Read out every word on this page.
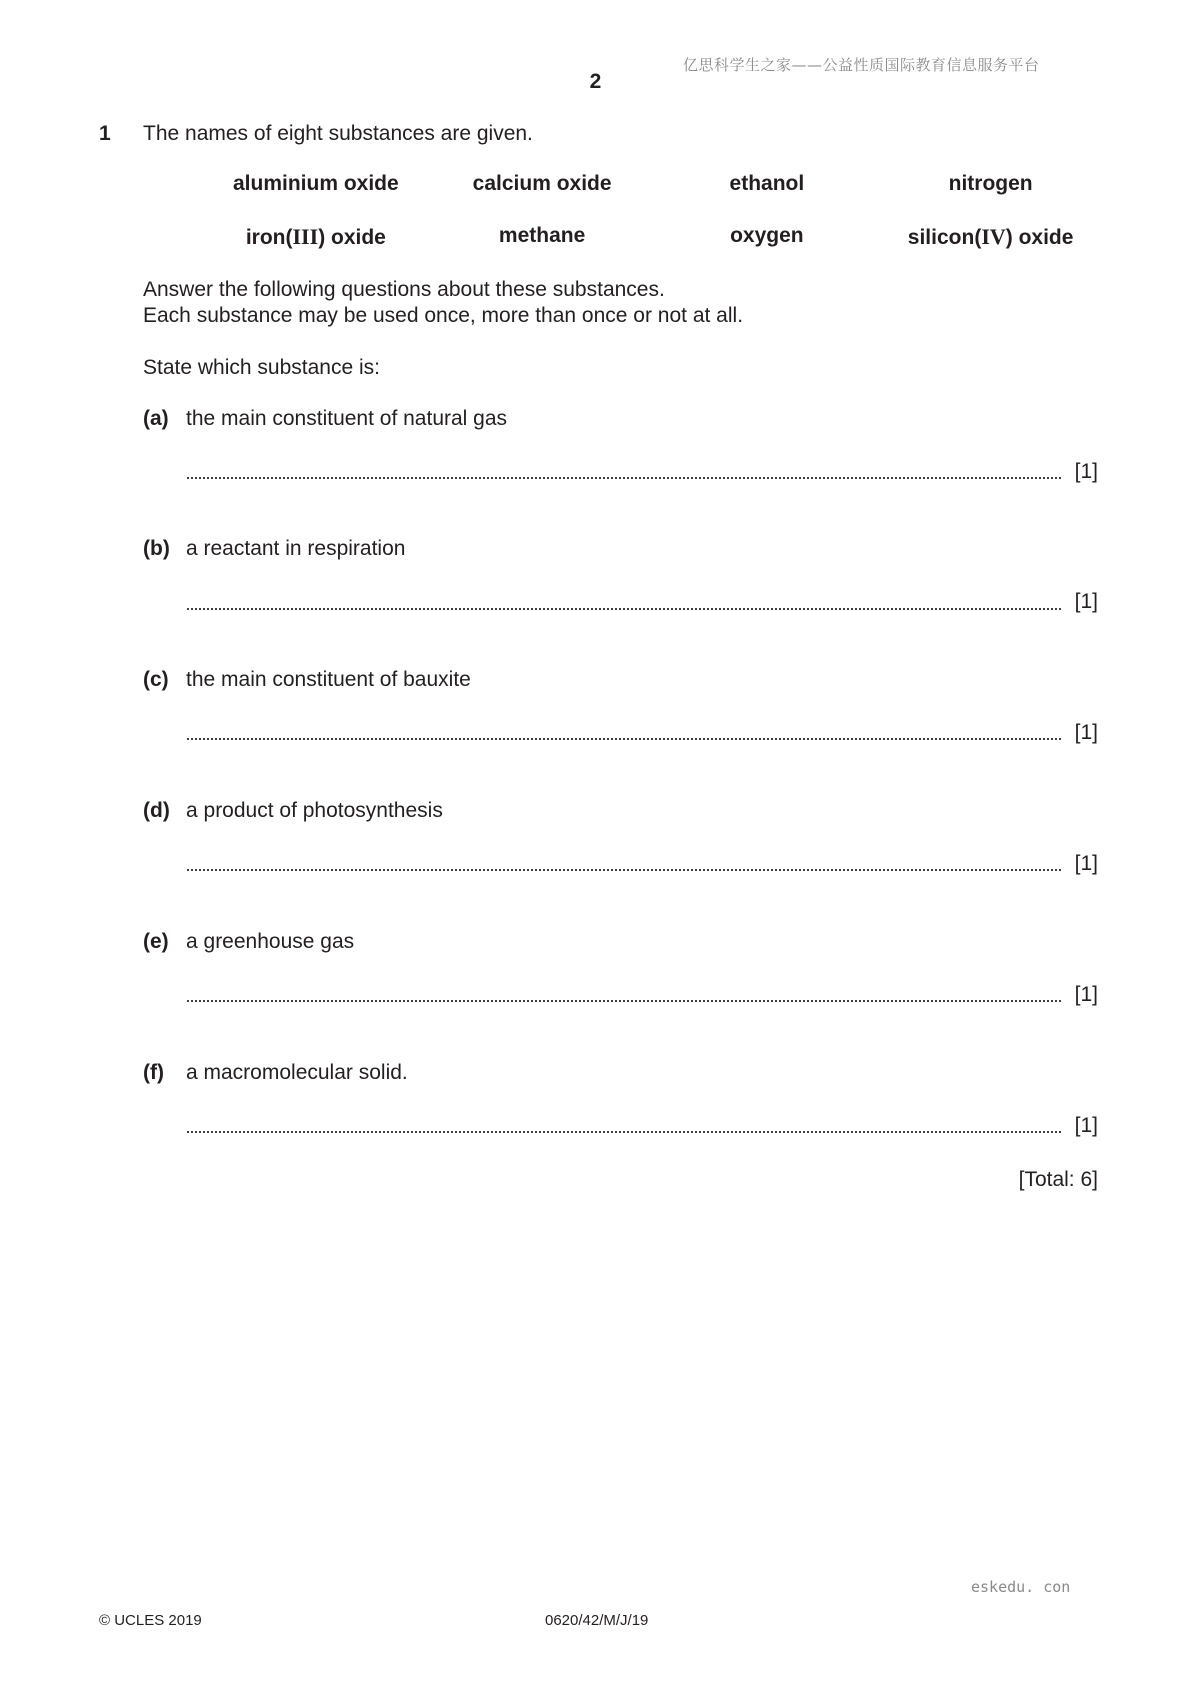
亿思科学生之家——公益性质国际教育信息服务平台
2
1 The names of eight substances are given.
aluminium oxide	calcium oxide	ethanol	nitrogen
iron(III) oxide	methane	oxygen	silicon(IV) oxide
Answer the following questions about these substances.
Each substance may be used once, more than once or not at all.
State which substance is:
(a) the main constituent of natural gas
[1]
(b) a reactant in respiration
[1]
(c) the main constituent of bauxite
[1]
(d) a product of photosynthesis
[1]
(e) a greenhouse gas
[1]
(f) a macromolecular solid.
[1]
[Total: 6]
eskedu. con
© UCLES 2019	0620/42/M/J/19
